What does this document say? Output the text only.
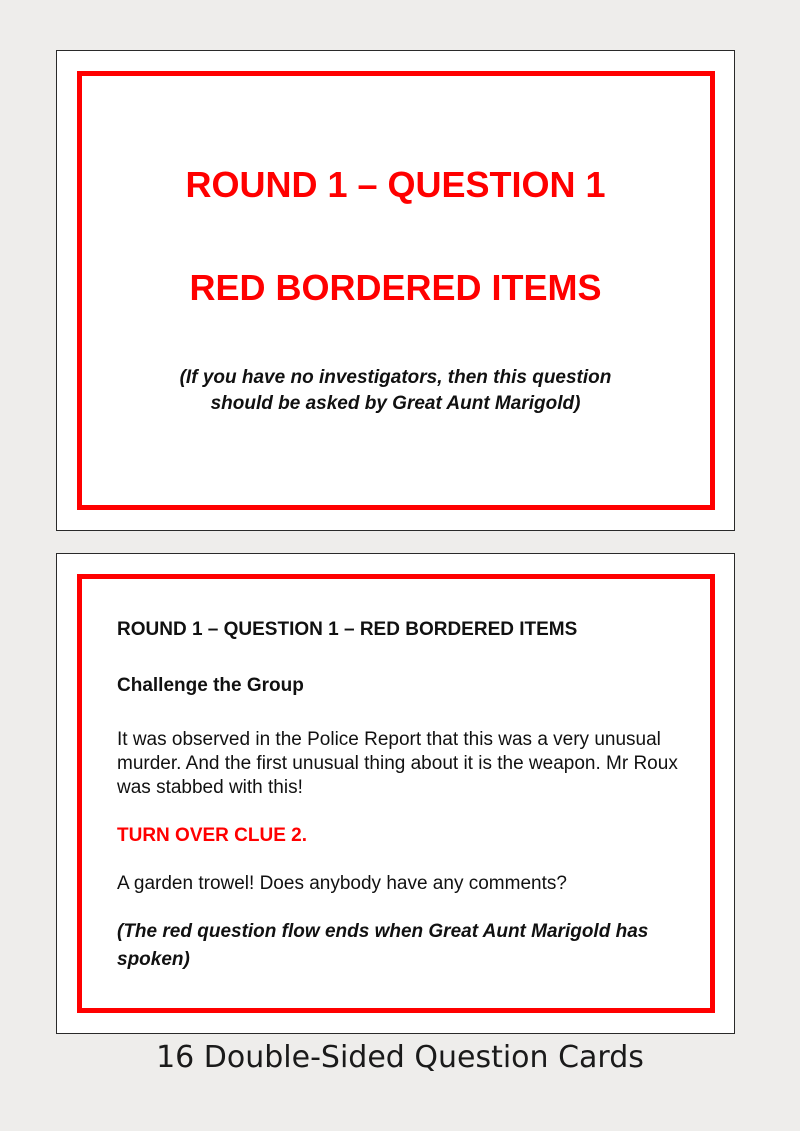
ROUND 1 – QUESTION 1
RED BORDERED ITEMS
(If you have no investigators, then this question
should be asked by Great Aunt Marigold)

ROUND 1 – QUESTION 1 – RED BORDERED ITEMS

Challenge the Group

It was observed in the Police Report that this was a very unusual murder. And the first unusual thing about it is the weapon. Mr Roux was stabbed with this!

TURN OVER CLUE 2.

A garden trowel! Does anybody have any comments?

(The red question flow ends when Great Aunt Marigold has spoken)

16 Double-Sided Question Cards
